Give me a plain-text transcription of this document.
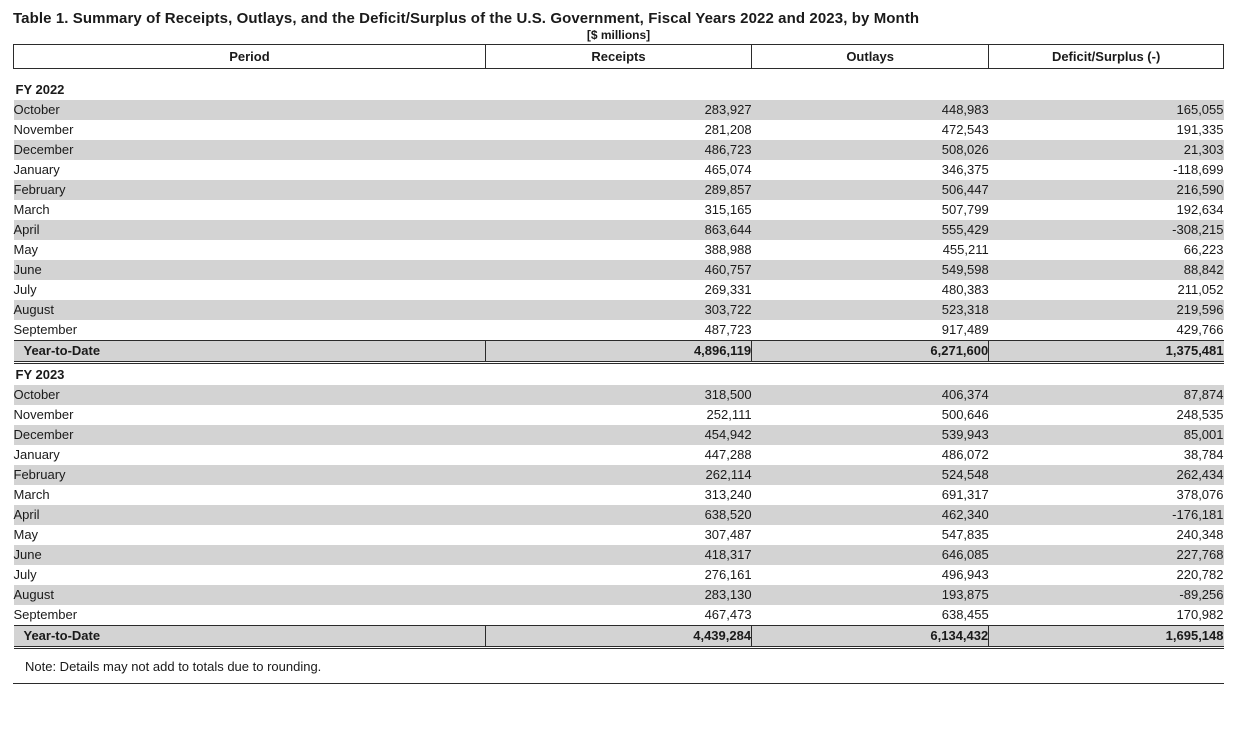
Table 1. Summary of Receipts, Outlays, and the Deficit/Surplus of the U.S. Government, Fiscal Years 2022 and 2023, by Month
[$ millions]
Period	Receipts	Outlays	Deficit/Surplus (-)

FY 2022			
October	283,927	448,983	165,055
November	281,208	472,543	191,335
December	486,723	508,026	21,303
January	465,074	346,375	-118,699
February	289,857	506,447	216,590
March	315,165	507,799	192,634
April	863,644	555,429	-308,215
May	388,988	455,211	66,223
June	460,757	549,598	88,842
July	269,331	480,383	211,052
August	303,722	523,318	219,596
September	487,723	917,489	429,766
Year-to-Date	4,896,119	6,271,600	1,375,481
FY 2023			
October	318,500	406,374	87,874
November	252,111	500,646	248,535
December	454,942	539,943	85,001
January	447,288	486,072	38,784
February	262,114	524,548	262,434
March	313,240	691,317	378,076
April	638,520	462,340	-176,181
May	307,487	547,835	240,348
June	418,317	646,085	227,768
July	276,161	496,943	220,782
August	283,130	193,875	-89,256
September	467,473	638,455	170,982
Year-to-Date	4,439,284	6,134,432	1,695,148
Note: Details may not add to totals due to rounding.
